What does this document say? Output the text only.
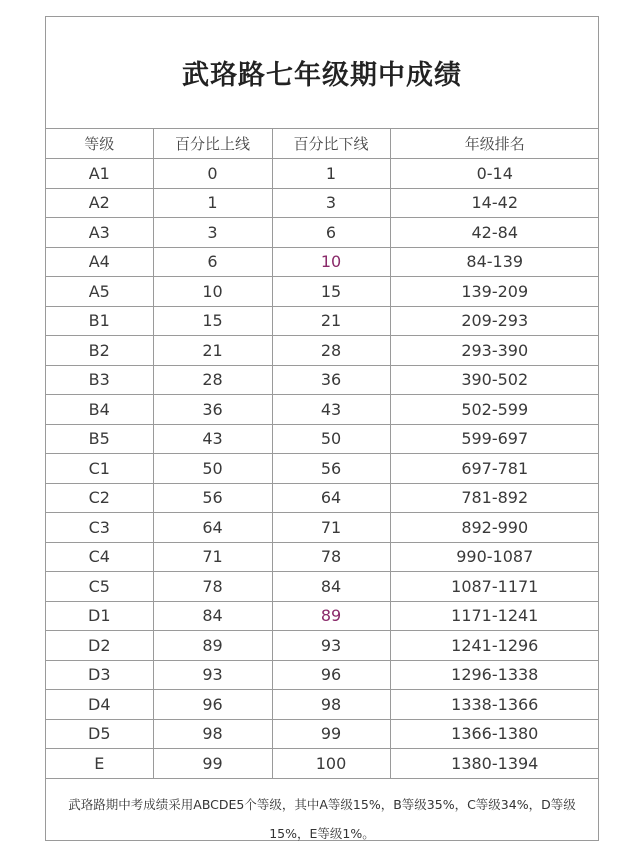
武珞路七年级期中成绩
等级	百分比上线	百分比下线	年级排名
A1	0	1	0-14
A2	1	3	14-42
A3	3	6	42-84
A4	6	10	84-139
A5	10	15	139-209
B1	15	21	209-293
B2	21	28	293-390
B3	28	36	390-502
B4	36	43	502-599
B5	43	50	599-697
C1	50	56	697-781
C2	56	64	781-892
C3	64	71	892-990
C4	71	78	990-1087
C5	78	84	1087-1171
D1	84	89	1171-1241
D2	89	93	1241-1296
D3	93	96	1296-1338
D4	96	98	1338-1366
D5	98	99	1366-1380
E	99	100	1380-1394
武珞路期中考成绩采用ABCDE5个等级，其中A等级15%，B等级35%，C等级34%，D等级15%，E等级1%。
